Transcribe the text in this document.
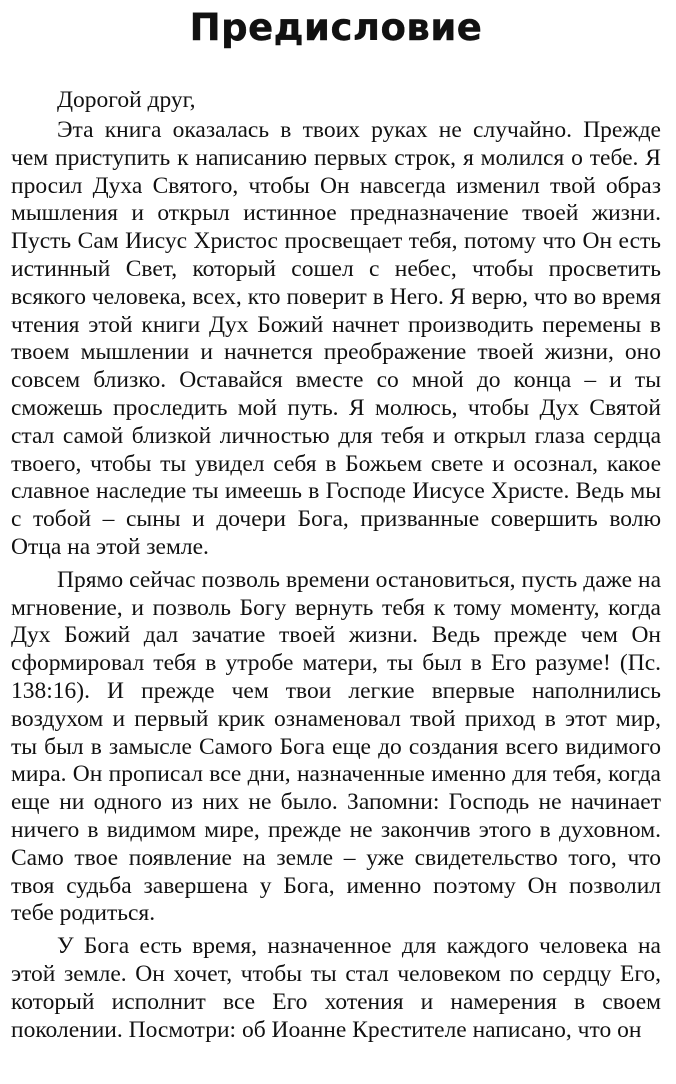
Предисловие

Дорогой друг,

Эта книга оказалась в твоих руках не случайно. Прежде чем приступить к написанию первых строк, я молился о тебе. Я просил Духа Святого, чтобы Он навсегда изменил твой образ мышления и открыл истинное предназначение твоей жизни. Пусть Сам Иисус Христос просвещает тебя, потому что Он есть истинный Свет, который сошел с небес, чтобы просветить всякого человека, всех, кто поверит в Него. Я верю, что во время чтения этой книги Дух Божий начнет производить перемены в твоем мышлении и начнется преображение твоей жизни, оно совсем близко. Оставайся вместе со мной до конца – и ты сможешь проследить мой путь. Я молюсь, чтобы Дух Святой стал самой близкой личностью для тебя и открыл глаза сердца твоего, чтобы ты увидел себя в Божьем свете и осознал, какое славное наследие ты имеешь в Господе Иисусе Христе. Ведь мы с тобой – сыны и дочери Бога, призванные совершить волю Отца на этой земле.

Прямо сейчас позволь времени остановиться, пусть даже на мгновение, и позволь Богу вернуть тебя к тому моменту, когда Дух Божий дал зачатие твоей жизни. Ведь прежде чем Он сформировал тебя в утробе матери, ты был в Его разуме! (Пс. 138:16). И прежде чем твои легкие впервые наполнились воздухом и первый крик ознаменовал твой приход в этот мир, ты был в замысле Самого Бога еще до создания всего видимого мира. Он прописал все дни, назначенные именно для тебя, когда еще ни одного из них не было. Запомни: Господь не начинает ничего в видимом мире, прежде не закончив этого в духовном. Само твое появление на земле – уже свидетельство того, что твоя судьба завершена у Бога, именно поэтому Он позволил тебе родиться.

У Бога есть время, назначенное для каждого человека на этой земле. Он хочет, чтобы ты стал человеком по сердцу Его, который исполнит все Его хотения и намерения в своем поколении. Посмотри: об Иоанне Крестителе написано, что он
